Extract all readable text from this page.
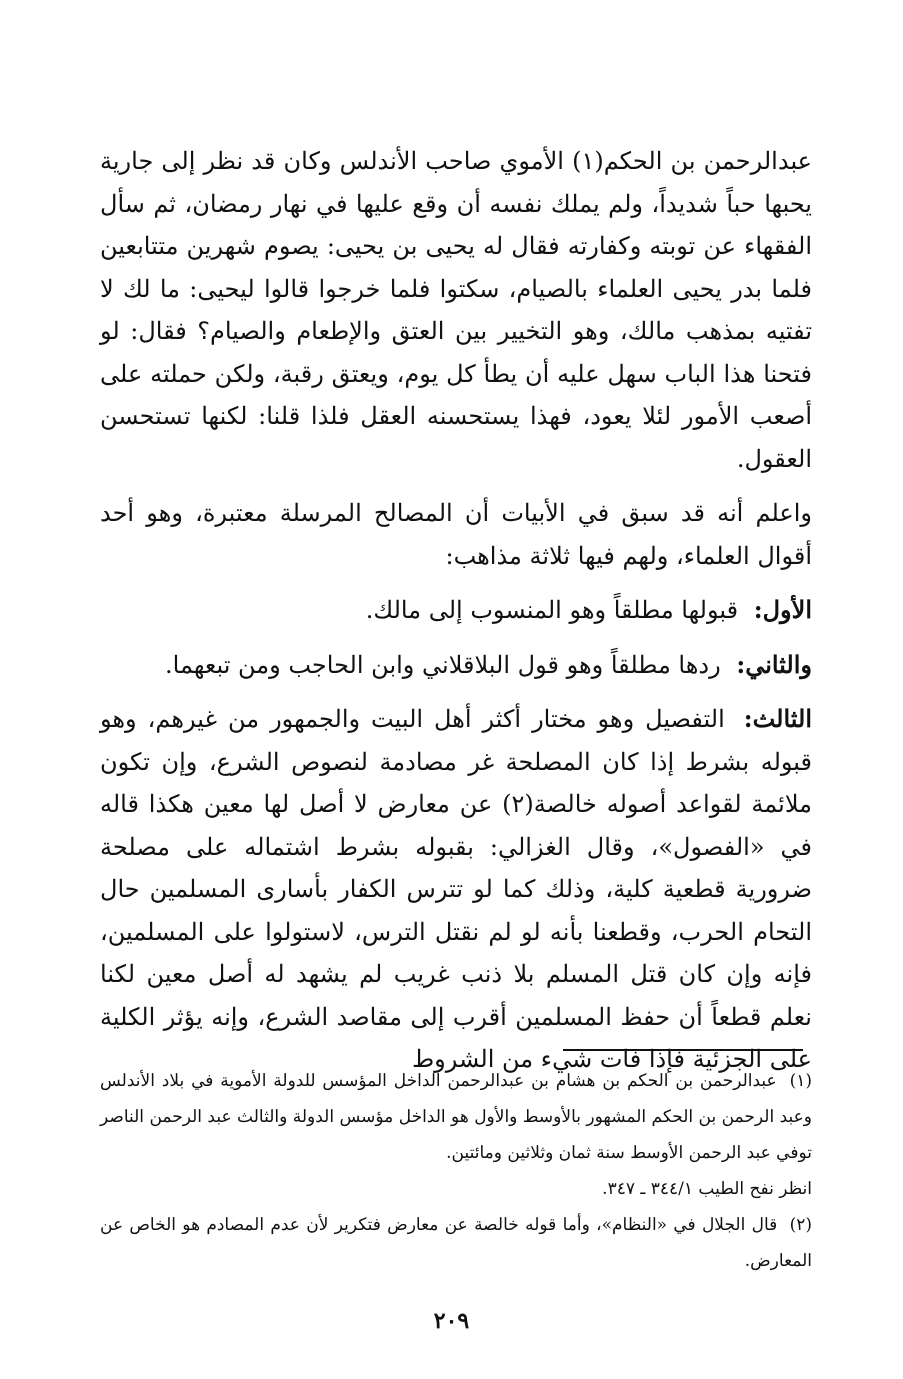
عبدالرحمن بن الحكم(١) الأموي صاحب الأندلس وكان قد نظر إلى جارية يحبها حباً شديداً، ولم يملك نفسه أن وقع عليها في نهار رمضان، ثم سأل الفقهاء عن توبته وكفارته فقال له يحيى بن يحيى: يصوم شهرين متتابعين فلما بدر يحيى العلماء بالصيام، سكتوا فلما خرجوا قالوا ليحيى: ما لك لا تفتيه بمذهب مالك، وهو التخيير بين العتق والإطعام والصيام؟ فقال: لو فتحنا هذا الباب سهل عليه أن يطأ كل يوم، ويعتق رقبة، ولكن حملته على أصعب الأمور لئلا يعود، فهذا يستحسنه العقل فلذا قلنا: لكنها تستحسن العقول.

واعلم أنه قد سبق في الأبيات أن المصالح المرسلة معتبرة، وهو أحد أقوال العلماء، ولهم فيها ثلاثة مذاهب:

الأول: قبولها مطلقاً وهو المنسوب إلى مالك.

والثاني: ردها مطلقاً وهو قول البلاقلاني وابن الحاجب ومن تبعهما.

الثالث: التفصيل وهو مختار أكثر أهل البيت والجمهور من غيرهم، وهو قبوله بشرط إذا كان المصلحة غر مصادمة لنصوص الشرع، وإن تكون ملائمة لقواعد أصوله خالصة(٢) عن معارض لا أصل لها معين هكذا قاله في «الفصول»، وقال الغزالي: بقبوله بشرط اشتماله على مصلحة ضرورية قطعية كلية، وذلك كما لو تترس الكفار بأسارى المسلمين حال التحام الحرب، وقطعنا بأنه لو لم نقتل الترس، لاستولوا على المسلمين، فإنه وإن كان قتل المسلم بلا ذنب غريب لم يشهد له أصل معين لكنا نعلم قطعاً أن حفظ المسلمين أقرب إلى مقاصد الشرع، وإنه يؤثر الكلية على الجزئية فإذا فات شيء من الشروط

(١) عبدالرحمن بن الحكم بن هشام بن عبدالرحمن الداخل المؤسس للدولة الأموية في بلاد الأندلس وعبد الرحمن بن الحكم المشهور بالأوسط والأول هو الداخل مؤسس الدولة والثالث عبد الرحمن الناصر توفي عبد الرحمن الأوسط سنة ثمان وثلاثين ومائتين.

انظر نفح الطيب ٣٤٤/١ ـ ٣٤٧.

(٢) قال الجلال في «النظام»، وأما قوله خالصة عن معارض فتكرير لأن عدم المصادم هو الخاص عن المعارض.

٢٠٩
